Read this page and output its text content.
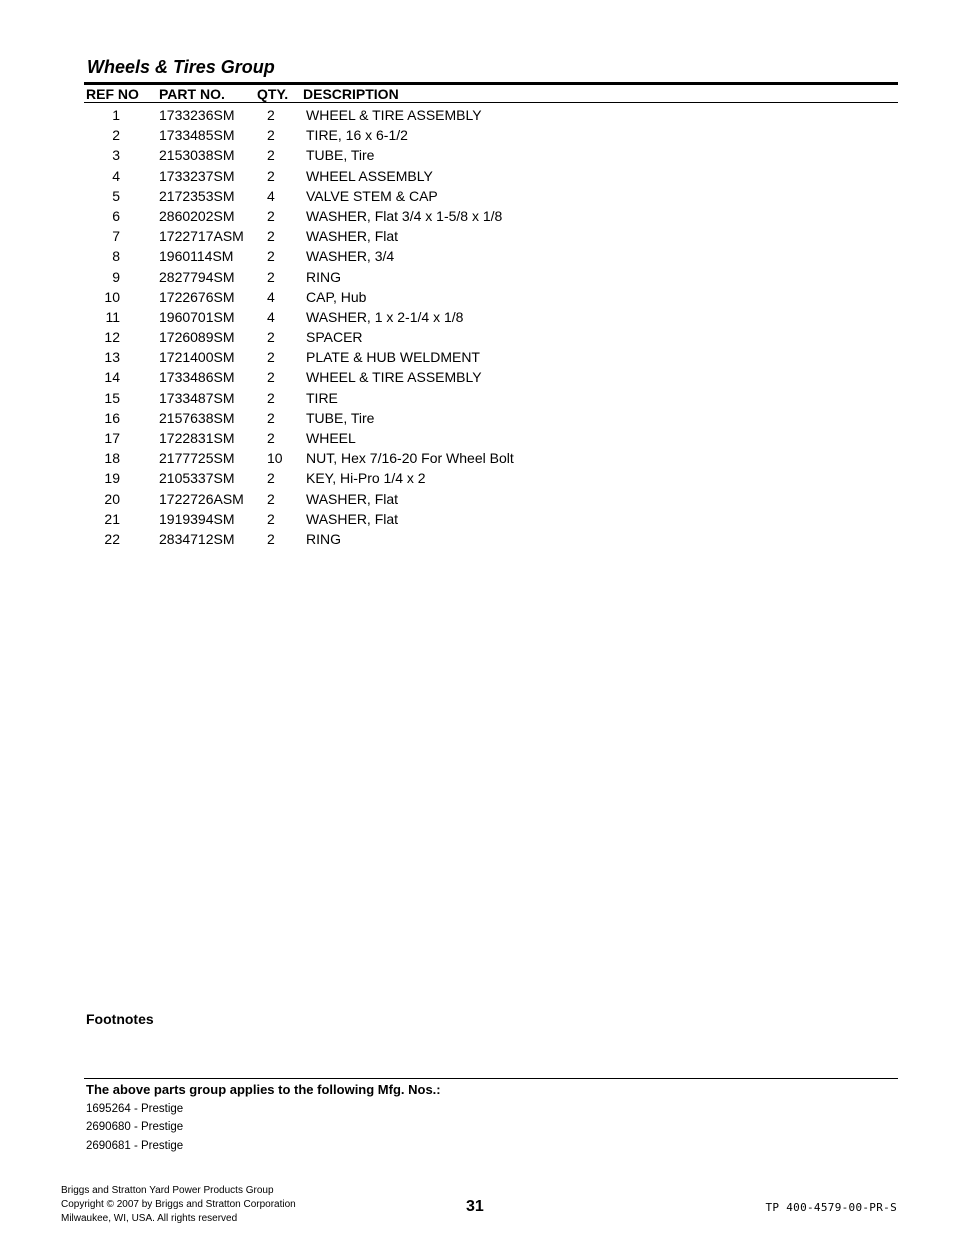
Wheels & Tires Group
REF NO PART NO. QTY. DESCRIPTION
1	1733236SM 2 WHEEL & TIRE ASSEMBLY
2	1733485SM 2 TIRE, 16 x 6-1/2
3	2153038SM 2 TUBE, Tire
4	1733237SM 2 WHEEL ASSEMBLY
5	2172353SM 4 VALVE STEM & CAP
6	2860202SM 2 WASHER, Flat 3/4 x 1-5/8 x 1/8
7	1722717ASM 2 WASHER, Flat
8	1960114SM 2 WASHER, 3/4
9	2827794SM 2 RING
10	1722676SM 4 CAP, Hub
11	1960701SM 4 WASHER, 1 x 2-1/4 x 1/8
12	1726089SM 2 SPACER
13	1721400SM 2 PLATE & HUB WELDMENT
14	1733486SM 2 WHEEL & TIRE ASSEMBLY
15	1733487SM 2 TIRE
16	2157638SM 2 TUBE, Tire
17	1722831SM 2 WHEEL
18	2177725SM 10 NUT, Hex 7/16-20 For Wheel Bolt
19	2105337SM 2 KEY, Hi-Pro 1/4 x 2
20	1722726ASM 2 WASHER, Flat
21	1919394SM 2 WASHER, Flat
22	2834712SM 2 RING
Footnotes
The above parts group applies to the following Mfg. Nos.:
1695264 - Prestige
2690680 - Prestige
2690681 - Prestige
Briggs and Stratton Yard Power Products Group
Copyright © 2007 by Briggs and Stratton Corporation
Milwaukee, WI, USA. All rights reserved
31	TP 400-4579-00-PR-S
